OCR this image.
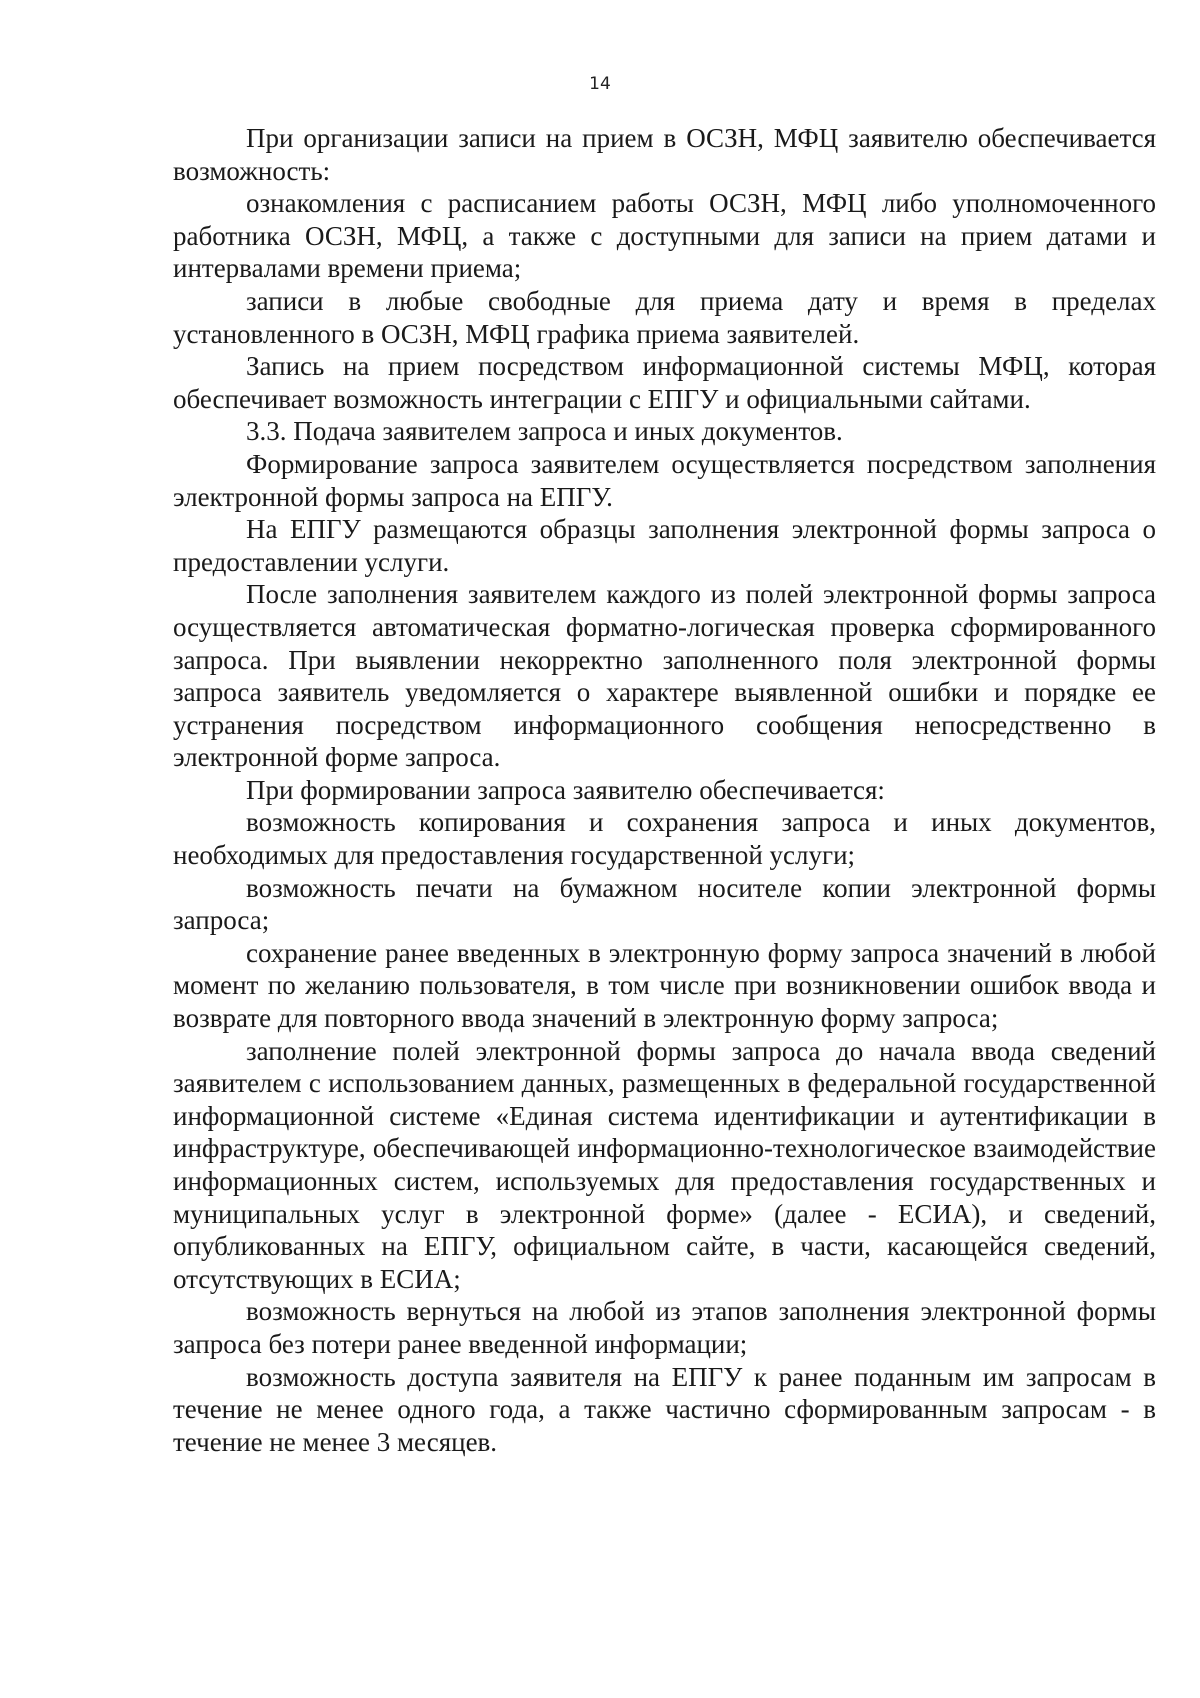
14

При организации записи на прием в ОСЗН, МФЦ заявителю обеспечивается возможность:

ознакомления с расписанием работы ОСЗН, МФЦ либо уполномоченного работника ОСЗН, МФЦ, а также с доступными для записи на прием датами и интервалами времени приема;

записи в любые свободные для приема дату и время в пределах установленного в ОСЗН, МФЦ графика приема заявителей.

Запись на прием посредством информационной системы МФЦ, которая обеспечивает возможность интеграции с ЕПГУ и официальными сайтами.

3.3. Подача заявителем запроса и иных документов.

Формирование запроса заявителем осуществляется посредством заполнения электронной формы запроса на ЕПГУ.

На ЕПГУ размещаются образцы заполнения электронной формы запроса о предоставлении услуги.

После заполнения заявителем каждого из полей электронной формы запроса осуществляется автоматическая форматно-логическая проверка сформированного запроса. При выявлении некорректно заполненного поля электронной формы запроса заявитель уведомляется о характере выявленной ошибки и порядке ее устранения посредством информационного сообщения непосредственно в электронной форме запроса.

При формировании запроса заявителю обеспечивается:

возможность копирования и сохранения запроса и иных документов, необходимых для предоставления государственной услуги;

возможность печати на бумажном носителе копии электронной формы запроса;

сохранение ранее введенных в электронную форму запроса значений в любой момент по желанию пользователя, в том числе при возникновении ошибок ввода и возврате для повторного ввода значений в электронную форму запроса;

заполнение полей электронной формы запроса до начала ввода сведений заявителем с использованием данных, размещенных в федеральной государственной информационной системе «Единая система идентификации и аутентификации в инфраструктуре, обеспечивающей информационно-технологическое взаимодействие информационных систем, используемых для предоставления государственных и муниципальных услуг в электронной форме» (далее - ЕСИА), и сведений, опубликованных на ЕПГУ, официальном сайте, в части, касающейся сведений, отсутствующих в ЕСИА;

возможность вернуться на любой из этапов заполнения электронной формы запроса без потери ранее введенной информации;

возможность доступа заявителя на ЕПГУ к ранее поданным им запросам в течение не менее одного года, а также частично сформированным запросам - в течение не менее 3 месяцев.
